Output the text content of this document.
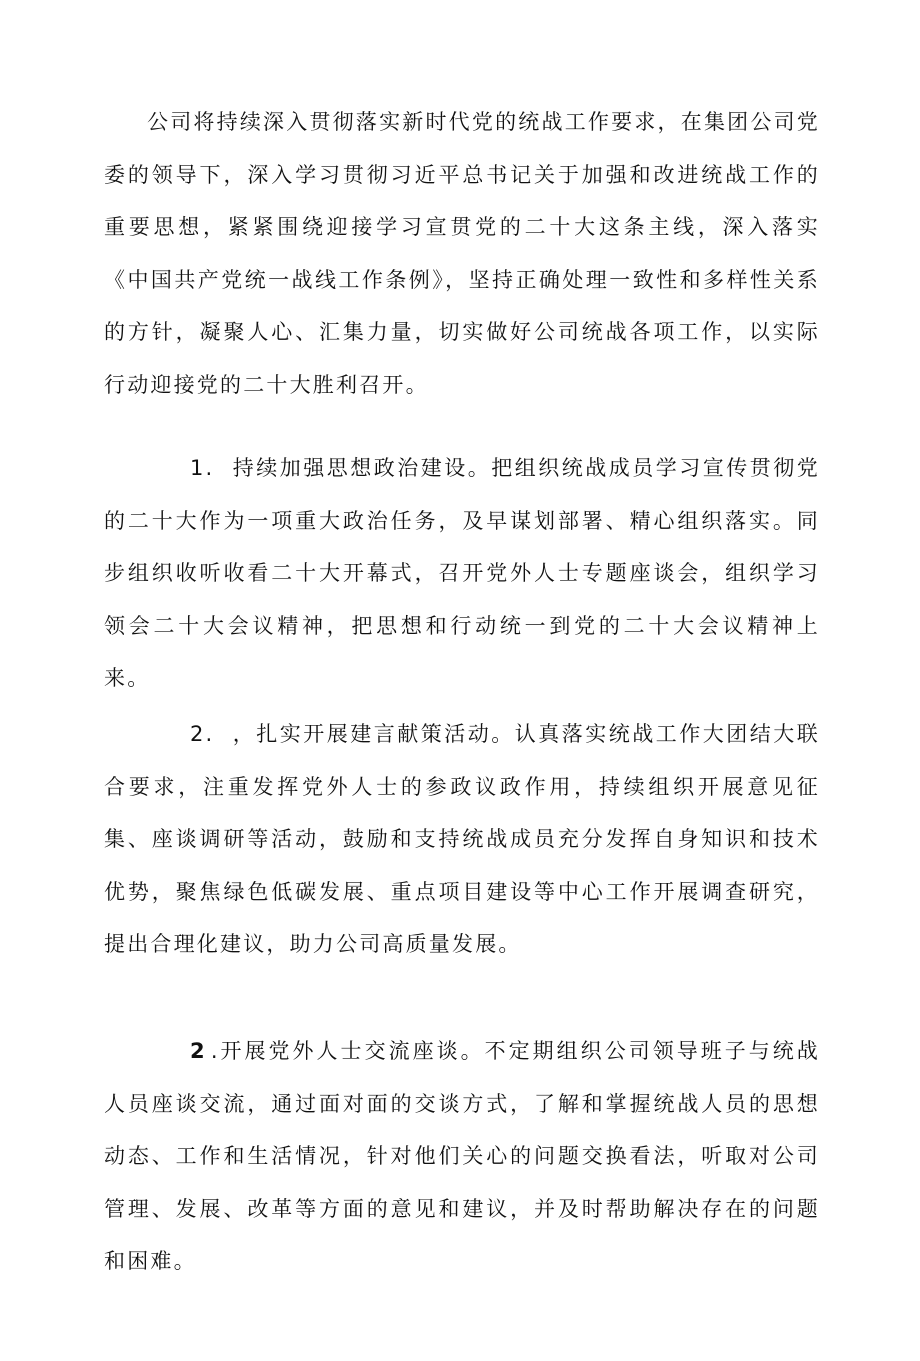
公司将持续深入贯彻落实新时代党的统战工作要求，在集团公司党委的领导下，深入学习贯彻习近平总书记关于加强和改进统战工作的重要思想，紧紧围绕迎接学习宣贯党的二十大这条主线，深入落实《中国共产党统一战线工作条例》，坚持正确处理一致性和多样性关系的方针，凝聚人心、汇集力量，切实做好公司统战各项工作，以实际行动迎接党的二十大胜利召开。

1. 持续加强思想政治建设。把组织统战成员学习宣传贯彻党的二十大作为一项重大政治任务，及早谋划部署、精心组织落实。同步组织收听收看二十大开幕式，召开党外人士专题座谈会，组织学习领会二十大会议精神，把思想和行动统一到党的二十大会议精神上来。

2. ，扎实开展建言献策活动。认真落实统战工作大团结大联合要求，注重发挥党外人士的参政议政作用，持续组织开展意见征集、座谈调研等活动，鼓励和支持统战成员充分发挥自身知识和技术优势，聚焦绿色低碳发展、重点项目建设等中心工作开展调查研究，提出合理化建议，助力公司高质量发展。

2 .开展党外人士交流座谈。不定期组织公司领导班子与统战人员座谈交流，通过面对面的交谈方式，了解和掌握统战人员的思想动态、工作和生活情况，针对他们关心的问题交换看法，听取对公司管理、发展、改革等方面的意见和建议，并及时帮助解决存在的问题和困难。
